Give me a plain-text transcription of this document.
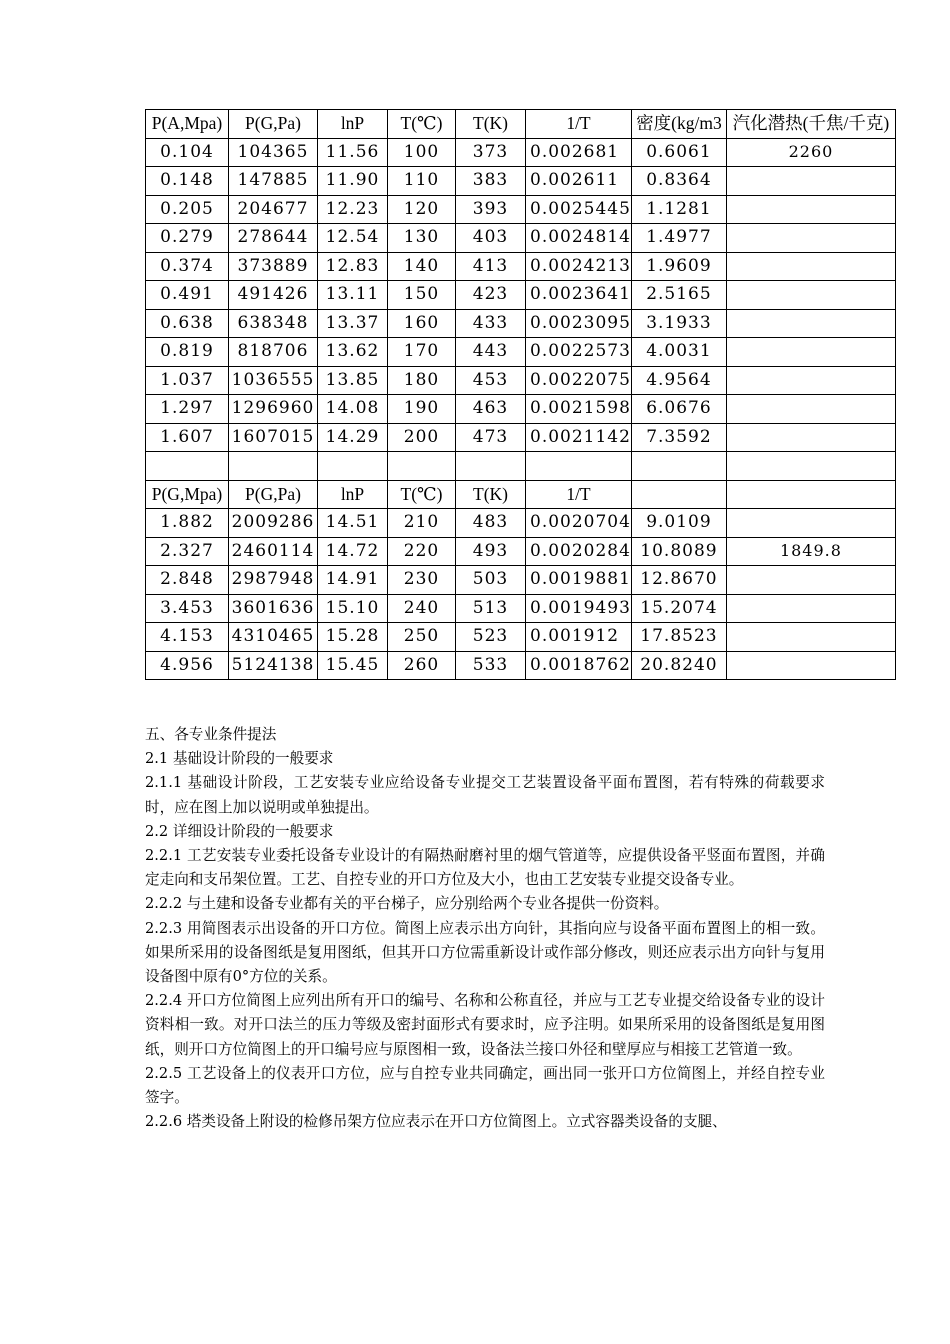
P(A,Mpa)	P(G,Pa)	lnP	T(℃)	T(K)	1/T	密度(kg/m3	汽化潜热(千焦/千克)
0.104	104365	11.56	100	373	0.002681	0.6061	2260
0.148	147885	11.90	110	383	0.002611	0.8364	
0.205	204677	12.23	120	393	0.0025445	1.1281	
0.279	278644	12.54	130	403	0.0024814	1.4977	
0.374	373889	12.83	140	413	0.0024213	1.9609	
0.491	491426	13.11	150	423	0.0023641	2.5165	
0.638	638348	13.37	160	433	0.0023095	3.1933	
0.819	818706	13.62	170	443	0.0022573	4.0031	
1.037	1036555	13.85	180	453	0.0022075	4.9564	
1.297	1296960	14.08	190	463	0.0021598	6.0676	
1.607	1607015	14.29	200	473	0.0021142	7.3592	

P(G,Mpa)	P(G,Pa)	lnP	T(℃)	T(K)	1/T		
1.882	2009286	14.51	210	483	0.0020704	9.0109	
2.327	2460114	14.72	220	493	0.0020284	10.8089	1849.8
2.848	2987948	14.91	230	503	0.0019881	12.8670	
3.453	3601636	15.10	240	513	0.0019493	15.2074	
4.153	4310465	15.28	250	523	0.001912	17.8523	
4.956	5124138	15.45	260	533	0.0018762	20.8240	

五、各专业条件提法

2.1 基础设计阶段的一般要求

2.1.1 基础设计阶段，工艺安装专业应给设备专业提交工艺装置设备平面布置图，若有特殊的荷载要求时，应在图上加以说明或单独提出。

2.2 详细设计阶段的一般要求

2.2.1 工艺安装专业委托设备专业设计的有隔热耐磨衬里的烟气管道等，应提供设备平竖面布置图，并确定走向和支吊架位置。工艺、自控专业的开口方位及大小，也由工艺安装专业提交设备专业。

2.2.2 与土建和设备专业都有关的平台梯子，应分别给两个专业各提供一份资料。

2.2.3 用简图表示出设备的开口方位。简图上应表示出方向针，其指向应与设备平面布置图上的相一致。如果所采用的设备图纸是复用图纸，但其开口方位需重新设计或作部分修改，则还应表示出方向针与复用设备图中原有0°方位的关系。

2.2.4 开口方位简图上应列出所有开口的编号、名称和公称直径，并应与工艺专业提交给设备专业的设计资料相一致。对开口法兰的压力等级及密封面形式有要求时，应予注明。如果所采用的设备图纸是复用图纸，则开口方位简图上的开口编号应与原图相一致，设备法兰接口外径和壁厚应与相接工艺管道一致。

2.2.5 工艺设备上的仪表开口方位，应与自控专业共同确定，画出同一张开口方位简图上，并经自控专业签字。

2.2.6 塔类设备上附设的检修吊架方位应表示在开口方位简图上。立式容器类设备的支腿、
